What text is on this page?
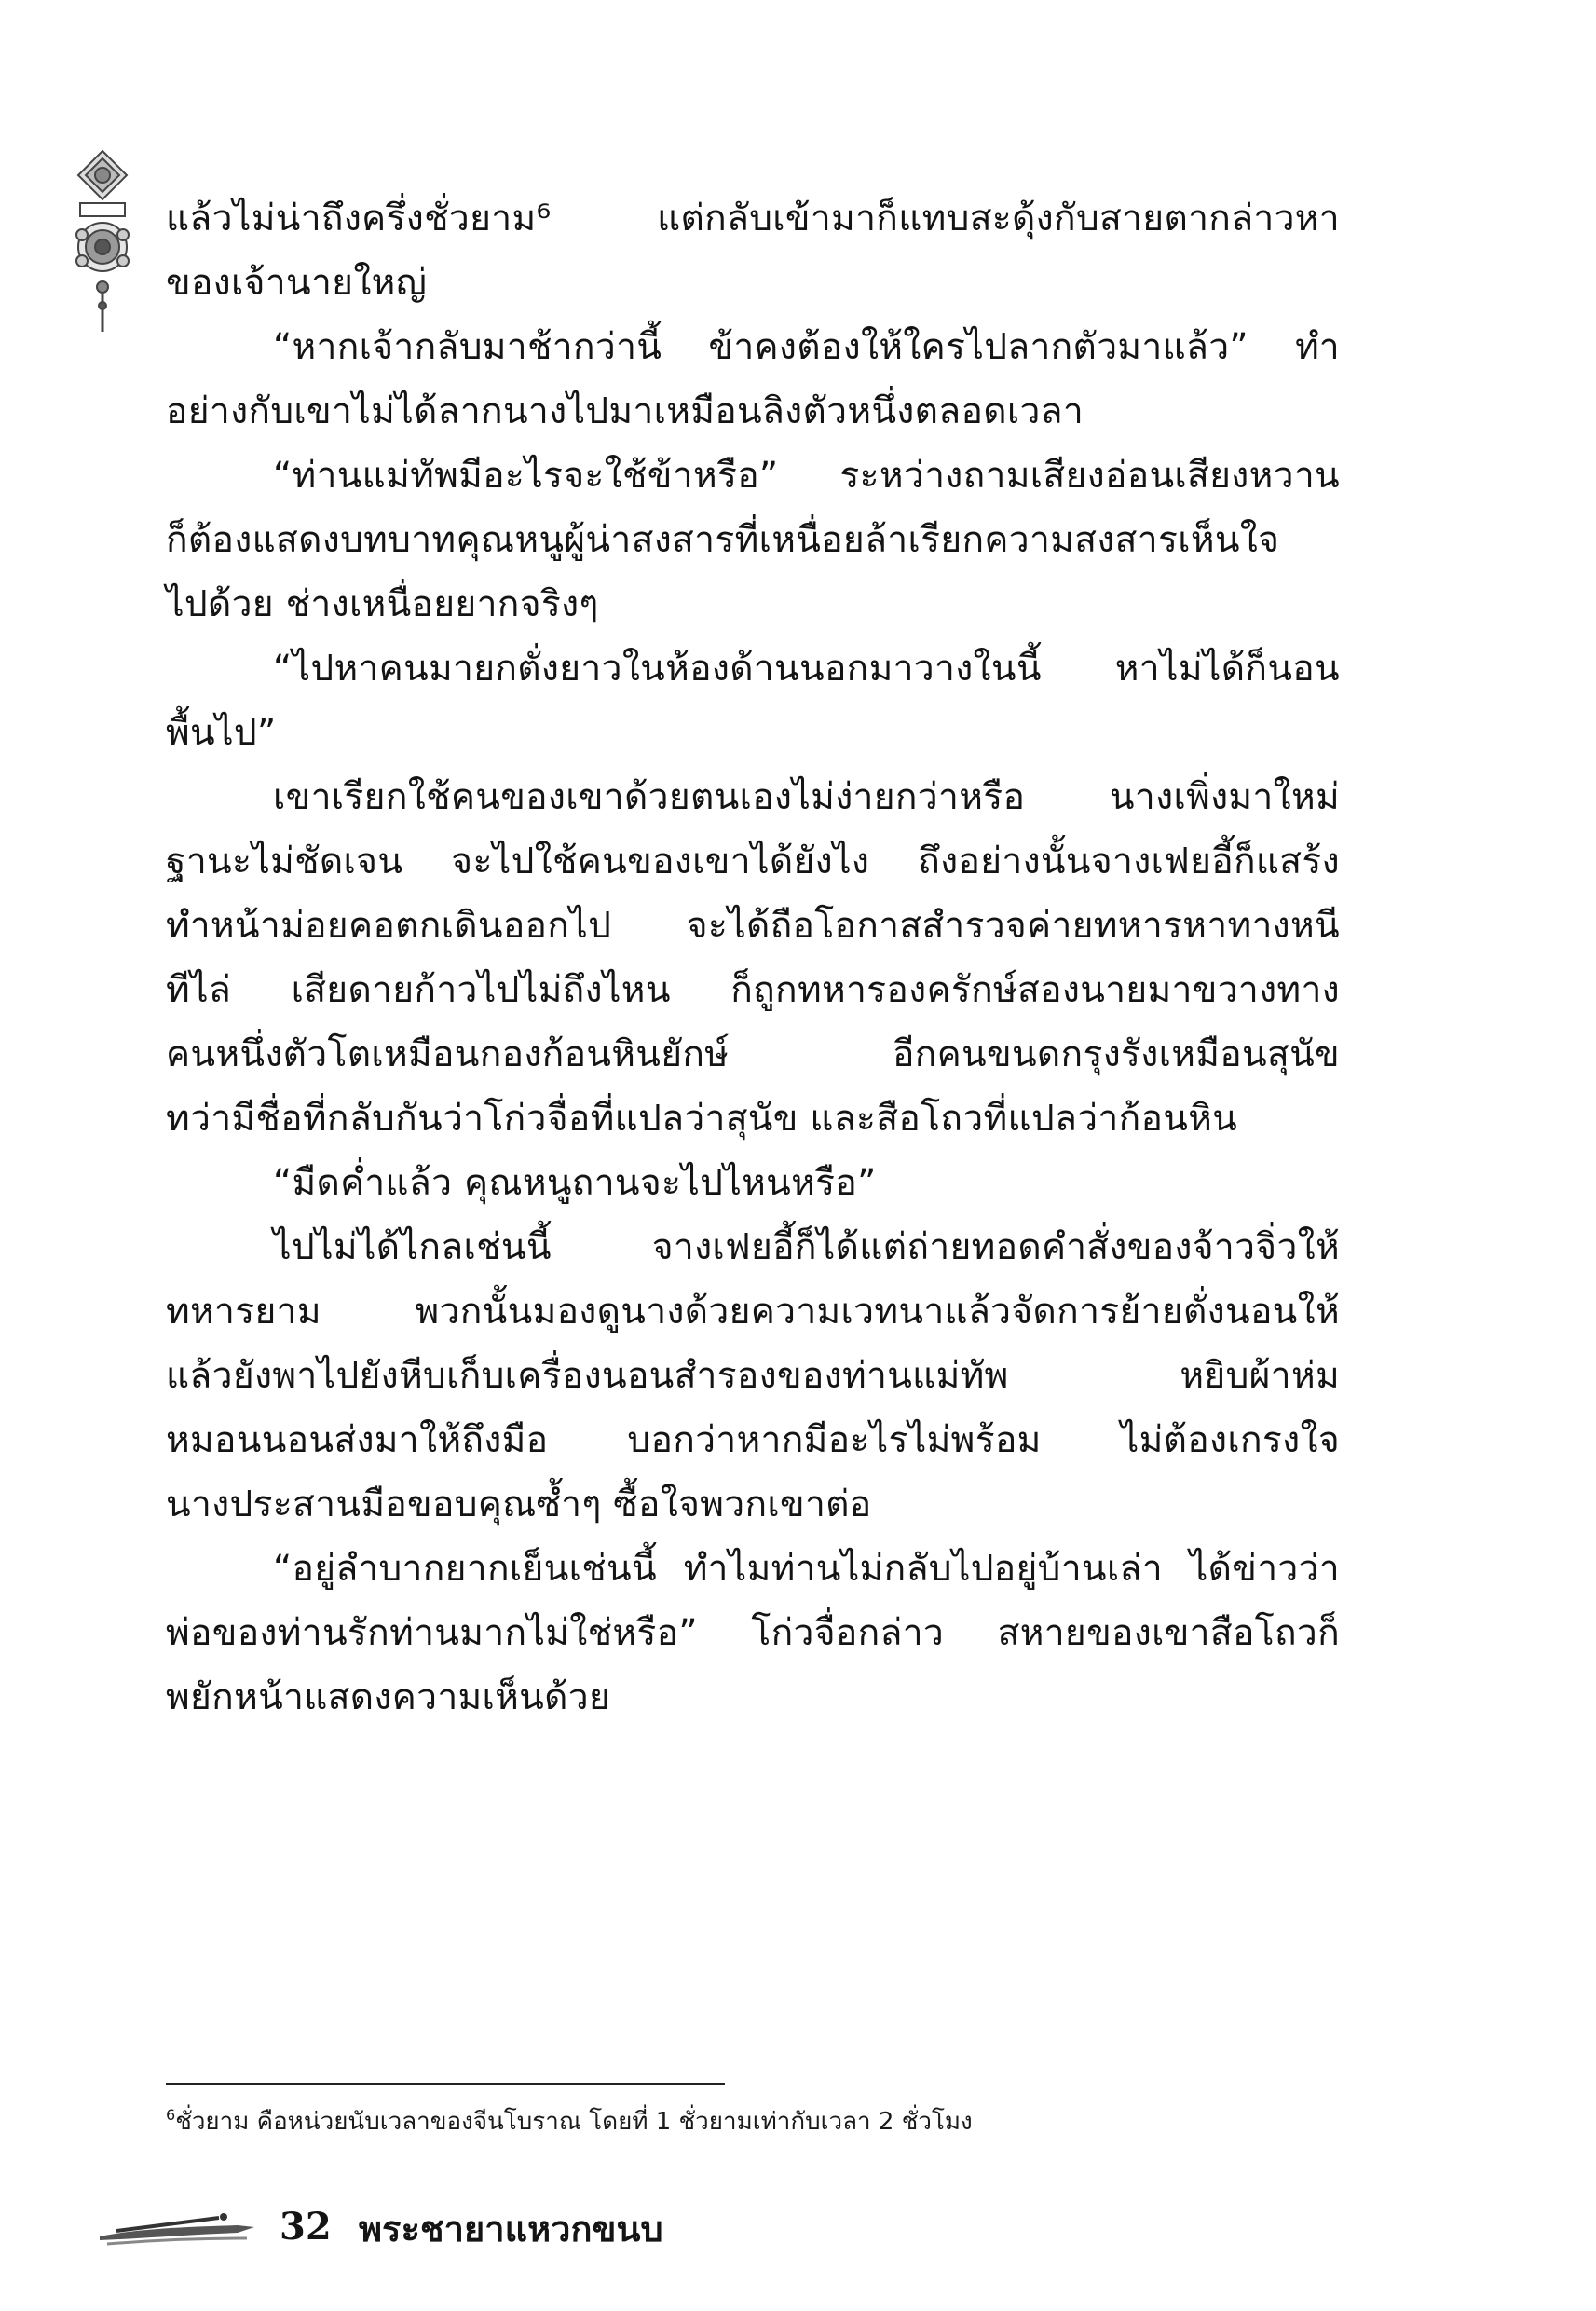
แล้วไม่น่าถึงครึ่งชั่วยาม⁶ แต่กลับเข้ามาก็แทบสะดุ้งกับสายตากล่าวหา
ของเจ้านายใหญ่
“หากเจ้ากลับมาช้ากว่านี้ ข้าคงต้องให้ใครไปลากตัวมาแล้ว” ทำ
อย่างกับเขาไม่ได้ลากนางไปมาเหมือนลิงตัวหนึ่งตลอดเวลา
“ท่านแม่ทัพมีอะไรจะใช้ข้าหรือ” ระหว่างถามเสียงอ่อนเสียงหวาน
ก็ต้องแสดงบทบาทคุณหนูผู้น่าสงสารที่เหนื่อยล้าเรียกความสงสารเห็นใจ
ไปด้วย ช่างเหนื่อยยากจริงๆ
“ไปหาคนมายกตั่งยาวในห้องด้านนอกมาวางในนี้ หาไม่ได้ก็นอน
พื้นไป”
เขาเรียกใช้คนของเขาด้วยตนเองไม่ง่ายกว่าหรือ นางเพิ่งมาใหม่
ฐานะไม่ชัดเจน จะไปใช้คนของเขาได้ยังไง ถึงอย่างนั้นจางเฟยอี้ก็แสร้ง
ทำหน้าม่อยคอตกเดินออกไป จะได้ถือโอกาสสำรวจค่ายทหารหาทางหนี
ทีไล่ เสียดายก้าวไปไม่ถึงไหน ก็ถูกทหารองครักษ์สองนายมาขวางทาง
คนหนึ่งตัวโตเหมือนกองก้อนหินยักษ์ อีกคนขนดกรุงรังเหมือนสุนัข
ทว่ามีชื่อที่กลับกันว่าโก่วจื่อที่แปลว่าสุนัข และสือโถวที่แปลว่าก้อนหิน
“มืดค่ำแล้ว คุณหนูถานจะไปไหนหรือ”
ไปไม่ได้ไกลเช่นนี้ จางเฟยอี้ก็ได้แต่ถ่ายทอดคำสั่งของจ้าวจิ่วให้
ทหารยาม พวกนั้นมองดูนางด้วยความเวทนาแล้วจัดการย้ายตั่งนอนให้
แล้วยังพาไปยังหีบเก็บเครื่องนอนสำรองของท่านแม่ทัพ หยิบผ้าห่ม
หมอนนอนส่งมาให้ถึงมือ บอกว่าหากมีอะไรไม่พร้อม ไม่ต้องเกรงใจ
นางประสานมือขอบคุณซ้ำๆ ซื้อใจพวกเขาต่อ
“อยู่ลำบากยากเย็นเช่นนี้ ทำไมท่านไม่กลับไปอยู่บ้านเล่า ได้ข่าวว่า
พ่อของท่านรักท่านมากไม่ใช่หรือ” โก่วจื่อกล่าว สหายของเขาสือโถวก็
พยักหน้าแสดงความเห็นด้วย
$^6$ชั่วยาม คือหน่วยนับเวลาของจีนโบราณ โดยที่ 1 ชั่วยามเท่ากับเวลา 2 ชั่วโมง
32 พระชายาแหวกขนบ
